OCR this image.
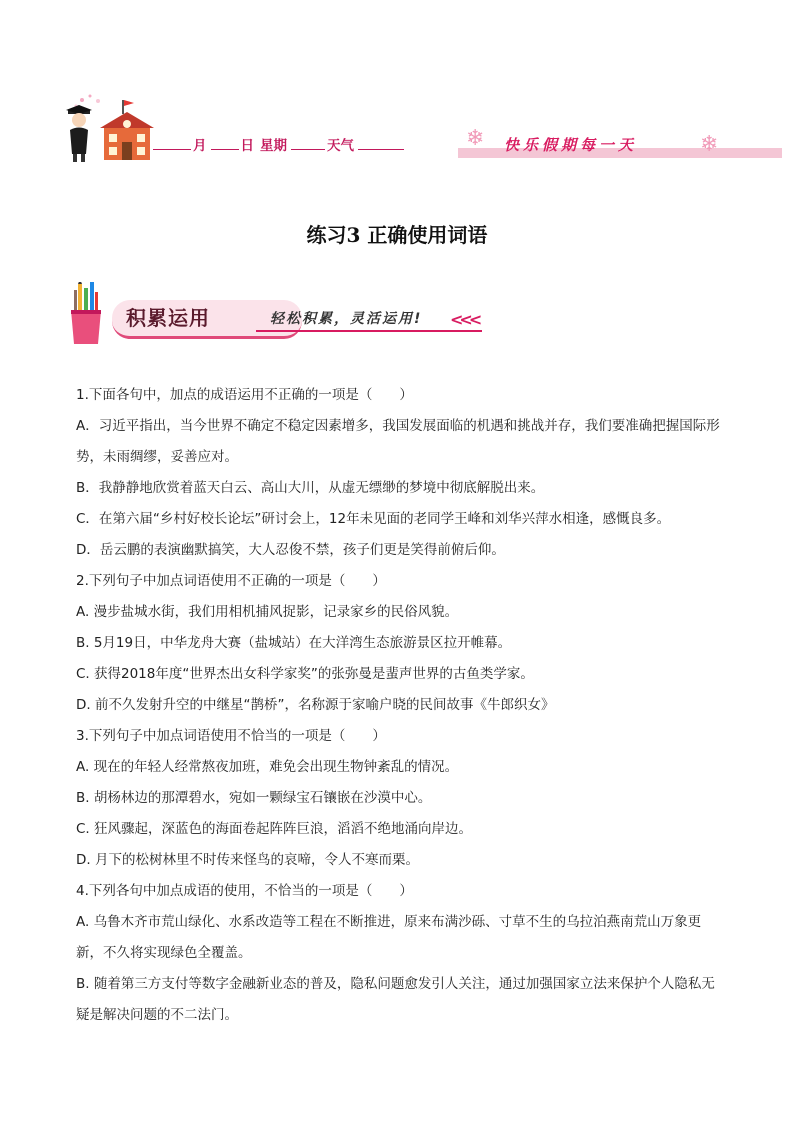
月	日 星期	天气	❄ 快乐假期每一天	❄
练习3 正确使用词语
积累运用	轻松积累，灵活运用! <<<

1.下面各句中，加点的成语运用不正确的一项是（　　）

A．习近平指出，当今世界不确定不稳定因素增多，我国发展面临的机遇和挑战并存，我们要准确把握国际形势，未雨绸缪，妥善应对。

B．我静静地欣赏着蓝天白云、高山大川，从虚无缥缈的梦境中彻底解脱出来。

C．在第六届“乡村好校长论坛”研讨会上，12年未见面的老同学王峰和刘华兴萍水相逢，感慨良多。

D．岳云鹏的表演幽默搞笑，大人忍俊不禁，孩子们更是笑得前俯后仰。

2.下列句子中加点词语使用不正确的一项是（　　）

A. 漫步盐城水街，我们用相机捕风捉影，记录家乡的民俗风貌。

B. 5月19日，中华龙舟大赛（盐城站）在大洋湾生态旅游景区拉开帷幕。

C. 获得2018年度“世界杰出女科学家奖”的张弥曼是蜚声世界的古鱼类学家。

D. 前不久发射升空的中继星“鹊桥”，名称源于家喻户晓的民间故事《牛郎织女》

3.下列句子中加点词语使用不恰当的一项是（　　）

A. 现在的年轻人经常熬夜加班，难免会出现生物钟紊乱的情况。

B. 胡杨林边的那潭碧水，宛如一颗绿宝石镶嵌在沙漠中心。

C. 狂风骤起，深蓝色的海面卷起阵阵巨浪，滔滔不绝地涌向岸边。

D. 月下的松树林里不时传来怪鸟的哀啼，令人不寒而栗。

4.下列各句中加点成语的使用，不恰当的一项是（　　）

A. 乌鲁木齐市荒山绿化、水系改造等工程在不断推进，原来布满沙砾、寸草不生的乌拉泊燕南荒山万象更新，不久将实现绿色全覆盖。

B. 随着第三方支付等数字金融新业态的普及，隐私问题愈发引人关注，通过加强国家立法来保护个人隐私无疑是解决问题的不二法门。
